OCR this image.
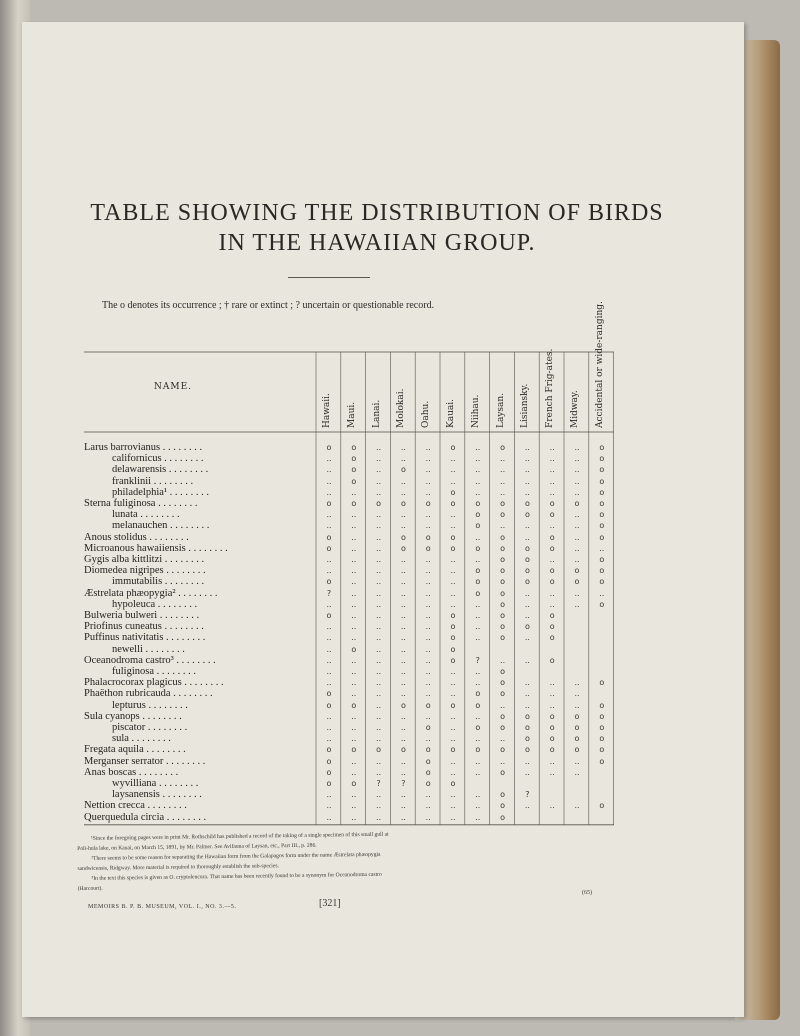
TABLE SHOWING THE DISTRIBUTION OF BIRDS
IN THE HAWAIIAN GROUP.
The o denotes its occurrence ; † rare or extinct ; ? uncertain or questionable record.
NAME.
Hawaii. Maui. Lanai. Molokai. Oahu. Kauai. Niihau. Laysan. Lisiansky. French Frig-ates. Midway. Accidental or wide-ranging.
Larus barrovianus . . . . . . . .	o	o	..	..	..	o	..	o	..	..	..	o
californicus . . . . . . . .	..	o	..	..	..	..	..	..	..	..	..	o
delawarensis . . . . . . . .	..	o	..	o	..	..	..	..	..	..	..	o
franklinii . . . . . . . .	..	o	..	..	..	..	..	..	..	..	..	o
philadelphia¹ . . . . . . . .	..	..	..	..	..	o	..	..	..	..	..	o
Sterna fuliginosa . . . . . . . .	o	o	o	o	o	o	o	o	o	o	o	o
lunata . . . . . . . .	..	..	..	..	..	..	o	o	o	o	..	o
melanauchen . . . . . . . .	..	..	..	..	..	..	o	..	..	..	..	o
Anous stolidus . . . . . . . .	o	..	..	o	o	o	..	o	..	o	..	o
Microanous hawaiiensis . . . . . . . .	o	..	..	o	o	o	o	o	o	o	..	..
Gygis alba kittlitzi . . . . . . . .	..	..	..	..	..	..	..	o	o	..	..	o
Diomedea nigripes . . . . . . . .	..	..	..	..	..	..	o	o	o	o	o	o
immutabilis . . . . . . . .	o	..	..	..	..	..	o	o	o	o	o	o
Æstrelata phæopygia² . . . . . . . .	?	..	..	..	..	..	o	o	..	..	..	..
hypoleuca . . . . . . . .	..	..	..	..	..	..	..	o	..	..	..	o
Bulweria bulweri . . . . . . . .	o	..	..	..	..	o	..	o	..	o
Priofinus cuneatus . . . . . . . .	..	..	..	..	..	o	..	o	o	o
Puffinus nativitatis . . . . . . . .	..	..	..	..	..	o	..	o	..	o
newelli . . . . . . . .	..	o	..	..	..	o
Oceanodroma castro³ . . . . . . . .	..	..	..	..	..	o	?	..	..	o
fuliginosa . . . . . . . .	..	..	..	..	..	..	..	o
Phalacrocorax plagicus . . . . . . . .	..	..	..	..	..	..	..	o	..	..	..	o
Phaëthon rubricauda . . . . . . . .	o	..	..	..	..	..	o	o	..	..	..
lepturus . . . . . . . .	o	o	..	o	o	o	o	..	..	..	..	o
Sula cyanops . . . . . . . .	..	..	..	..	..	..	..	o	o	o	o	o
piscator . . . . . . . .	..	..	..	..	o	..	o	o	o	o	o	o
sula . . . . . . . .	..	..	..	..	..	..	..	..	o	o	o	o
Fregata aquila . . . . . . . .	o	o	o	o	o	o	o	o	o	o	o	o
Merganser serrator . . . . . . . .	o	..	..	..	o	..	..	..	..	..	..	o
Anas boscas . . . . . . . .	o	..	..	..	o	..	..	o	..	..	..
wyvilliana . . . . . . . .	o	o	?	?	o	o
laysanensis . . . . . . . .	..	..	..	..	..	..	..	o	?
Nettion crecca . . . . . . . .	..	..	..	..	..	..	..	o	..	..	..	o
Querquedula circia . . . . . . . .	..	..	..	..	..	..	..	o

¹Since the foregoing pages were in print Mr. Rothschild has published a record of the taking of a single specimen of this small gull at

Poli-hula lake, on Kauai, on March 15, 1891, by Mr. Palmer. See Avifauna of Laysan, etc., Part III., p. 286.

²There seems to be some reason for separating the Hawaiian form from the Galapagos form under the name Æstrelata phæopygia

sandwicensis, Ridgway. More material is required to thoroughly establish the sub-species.

³In the text this species is given as O. cryptoleucura. That name has been recently found to be a synonym for Oceanodroma castro

(Harcourt).

(65)
MEMOIRS B. P. B. MUSEUM, VOL. I., NO. 3.—5.	[321]
